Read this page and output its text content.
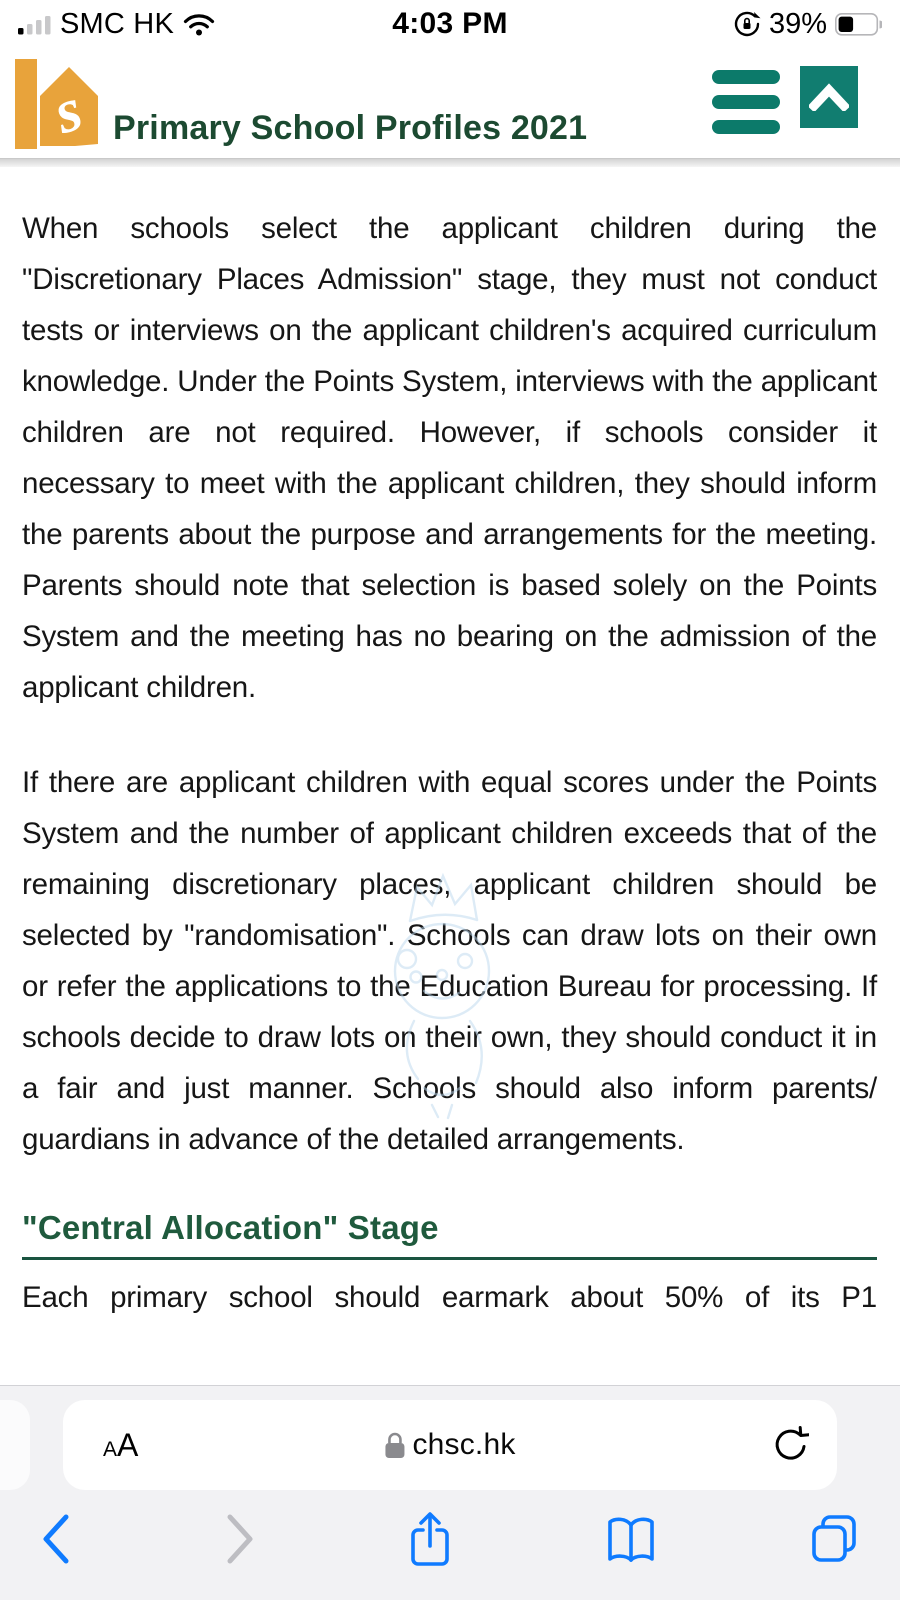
SMC HK	4:03 PM	39%
s Primary School Profiles 2021

When schools select the applicant children during the "Discretionary Places Admission" stage, they must not conduct tests or interviews on the applicant children's acquired curriculum knowledge. Under the Points System, interviews with the applicant children are not required. However, if schools consider it necessary to meet with the applicant children, they should inform the parents about the purpose and arrangements for the meeting. Parents should note that selection is based solely on the Points System and the meeting has no bearing on the admission of the applicant children.

If there are applicant children with equal scores under the Points System and the number of applicant children exceeds that of the remaining discretionary places, applicant children should be selected by "randomisation". Schools can draw lots on their own or refer the applications to the Education Bureau for processing. If schools decide to draw lots on their own, they should conduct it in a fair and just manner. Schools should also inform parents/ guardians in advance of the detailed arrangements.

"Central Allocation" Stage

Each primary school should earmark about 50% of its P1

AA	chsc.hk
